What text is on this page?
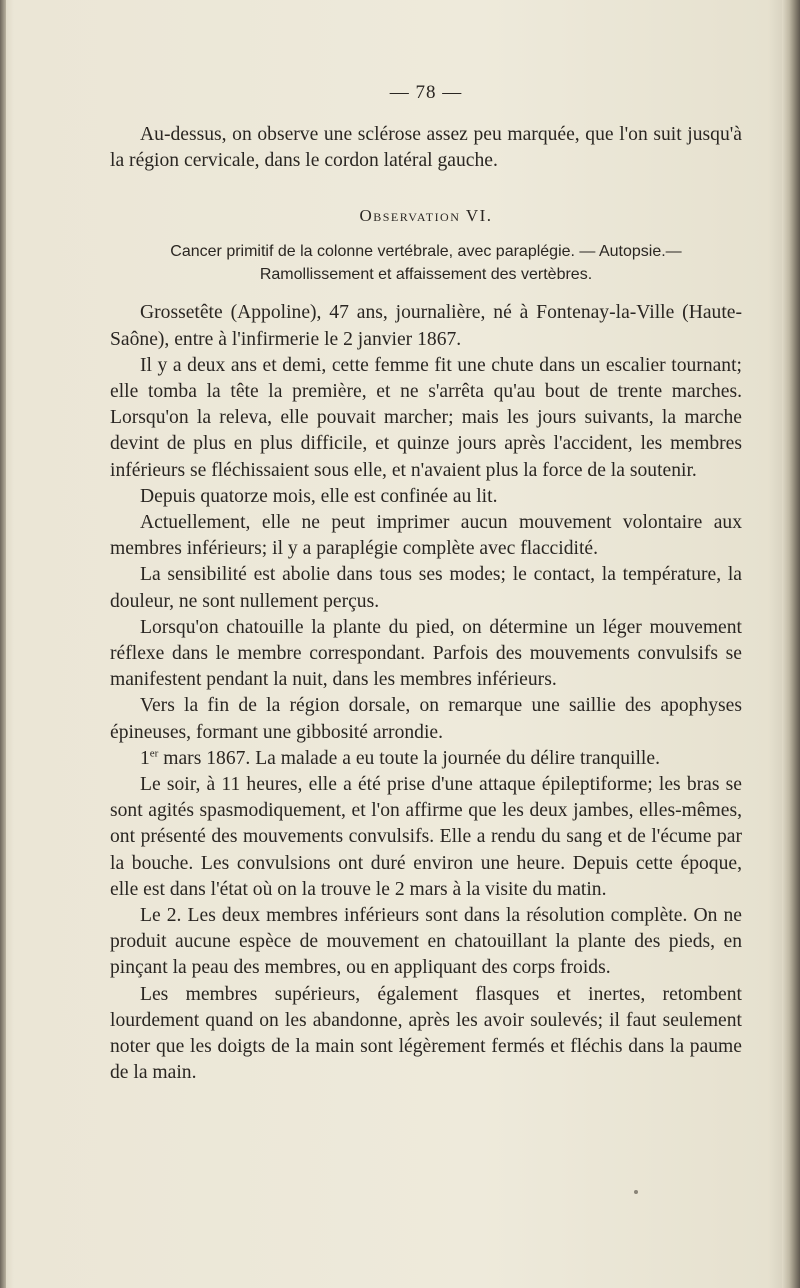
— 78 —

Au-dessus, on observe une sclérose assez peu marquée, que l'on suit jusqu'à la région cervicale, dans le cordon latéral gauche.

Observation VI.
Cancer primitif de la colonne vertébrale, avec paraplégie. — Autopsie.—
Ramollissement et affaissement des vertèbres.

Grossetête (Appoline), 47 ans, journalière, né à Fontenay-la-Ville (Haute-Saône), entre à l'infirmerie le 2 janvier 1867.

Il y a deux ans et demi, cette femme fit une chute dans un escalier tournant; elle tomba la tête la première, et ne s'arrêta qu'au bout de trente marches. Lorsqu'on la releva, elle pouvait marcher; mais les jours suivants, la marche devint de plus en plus difficile, et quinze jours après l'accident, les membres inférieurs se fléchissaient sous elle, et n'avaient plus la force de la soutenir.

Depuis quatorze mois, elle est confinée au lit.

Actuellement, elle ne peut imprimer aucun mouvement volontaire aux membres inférieurs; il y a paraplégie complète avec flaccidité.

La sensibilité est abolie dans tous ses modes; le contact, la température, la douleur, ne sont nullement perçus.

Lorsqu'on chatouille la plante du pied, on détermine un léger mouvement réflexe dans le membre correspondant. Parfois des mouvements convulsifs se manifestent pendant la nuit, dans les membres inférieurs.

Vers la fin de la région dorsale, on remarque une saillie des apophyses épineuses, formant une gibbosité arrondie.

1er mars 1867. La malade a eu toute la journée du délire tranquille.

Le soir, à 11 heures, elle a été prise d'une attaque épileptiforme; les bras se sont agités spasmodiquement, et l'on affirme que les deux jambes, elles-mêmes, ont présenté des mouvements convulsifs. Elle a rendu du sang et de l'écume par la bouche. Les convulsions ont duré environ une heure. Depuis cette époque, elle est dans l'état où on la trouve le 2 mars à la visite du matin.

Le 2. Les deux membres inférieurs sont dans la résolution complète. On ne produit aucune espèce de mouvement en chatouillant la plante des pieds, en pinçant la peau des membres, ou en appliquant des corps froids.

Les membres supérieurs, également flasques et inertes, retombent lourdement quand on les abandonne, après les avoir soulevés; il faut seulement noter que les doigts de la main sont légèrement fermés et fléchis dans la paume de la main.
